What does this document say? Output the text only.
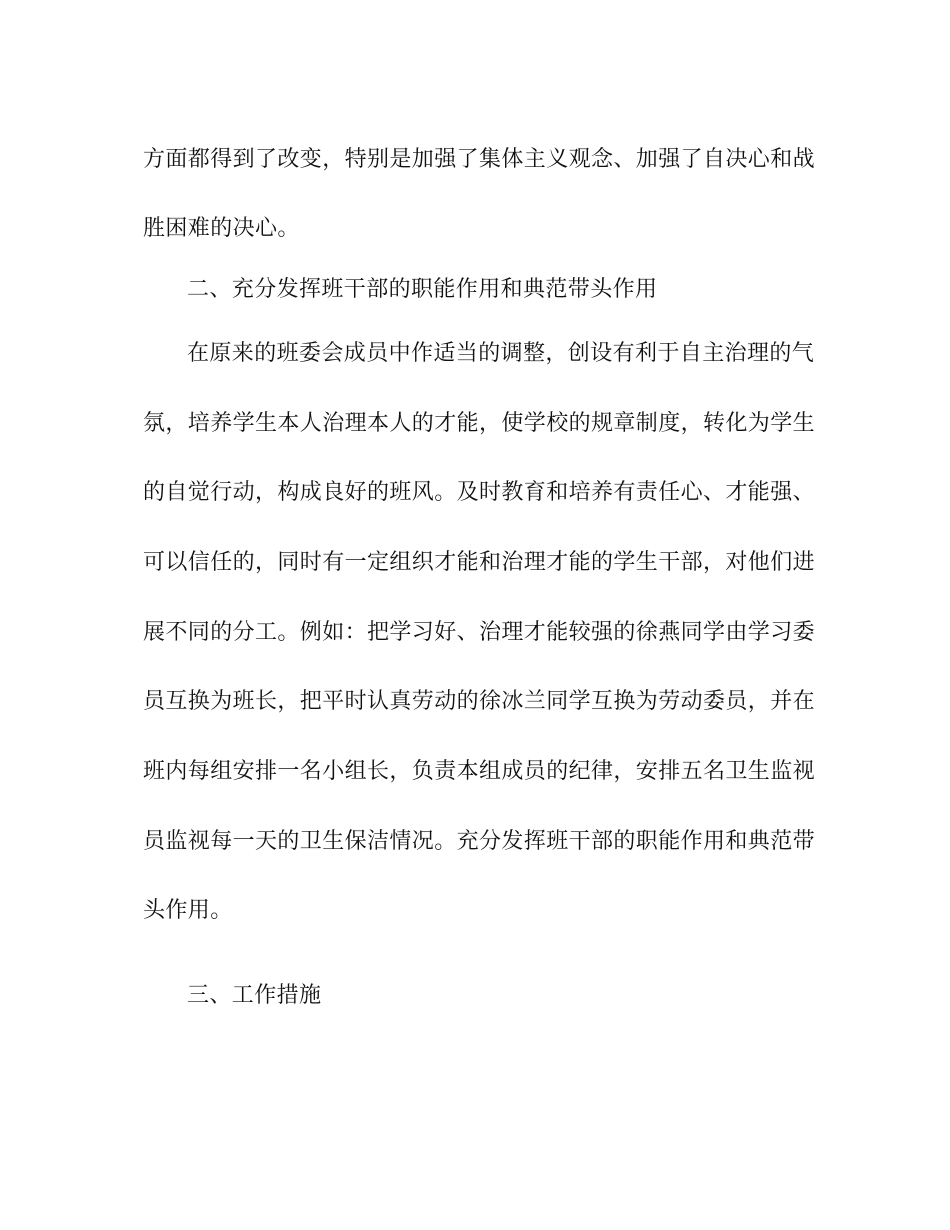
方面都得到了改变，特别是加强了集体主义观念、加强了自决心和战
胜困难的决心。
二、充分发挥班干部的职能作用和典范带头作用
在原来的班委会成员中作适当的调整，创设有利于自主治理的气
氛，培养学生本人治理本人的才能，使学校的规章制度，转化为学生
的自觉行动，构成良好的班风。及时教育和培养有责任心、才能强、
可以信任的，同时有一定组织才能和治理才能的学生干部，对他们进
展不同的分工。例如：把学习好、治理才能较强的徐燕同学由学习委
员互换为班长，把平时认真劳动的徐冰兰同学互换为劳动委员，并在
班内每组安排一名小组长，负责本组成员的纪律，安排五名卫生监视
员监视每一天的卫生保洁情况。充分发挥班干部的职能作用和典范带
头作用。
三、工作措施
